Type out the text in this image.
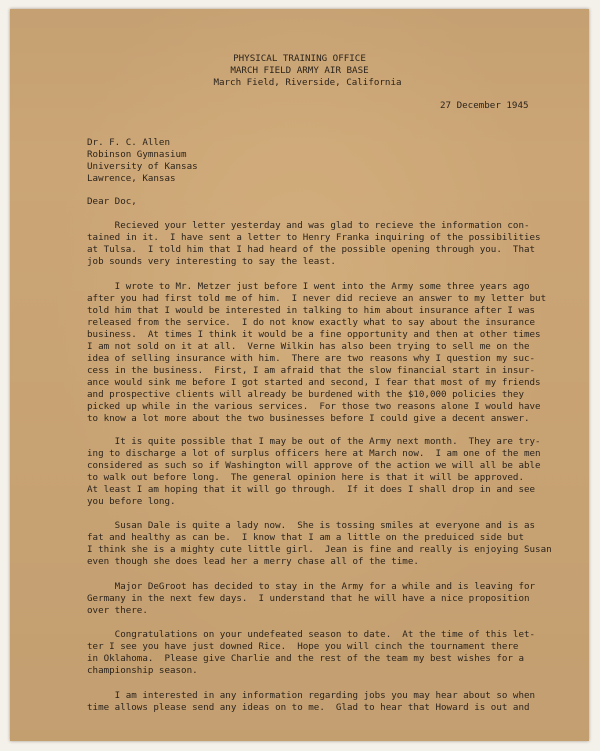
PHYSICAL TRAINING OFFICE
MARCH FIELD ARMY AIR BASE
March Field, Riverside, California
27 December 1945
Dr. F. C. Allen
Robinson Gymnasium
University of Kansas
Lawrence, Kansas
Dear Doc,
Recieved your letter yesterday and was glad to recieve the information con-
tained in it.  I have sent a letter to Henry Franka inquiring of the possibilities
at Tulsa.  I told him that I had heard of the possible opening through you.  That
job sounds very interesting to say the least.
I wrote to Mr. Metzer just before I went into the Army some three years ago
after you had first told me of him.  I never did recieve an answer to my letter but
told him that I would be interested in talking to him about insurance after I was
released from the service.  I do not know exactly what to say about the insurance
business.  At times I think it would be a fine opportunity and then at other times
I am not sold on it at all.  Verne Wilkin has also been trying to sell me on the
idea of selling insurance with him.  There are two reasons why I question my suc-
cess in the business.  First, I am afraid that the slow financial start in insur-
ance would sink me before I got started and second, I fear that most of my friends
and prospective clients will already be burdened with the $10,000 policies they
picked up while in the various services.  For those two reasons alone I would have
to know a lot more about the two businesses before I could give a decent answer.
It is quite possible that I may be out of the Army next month.  They are try-
ing to discharge a lot of surplus officers here at March now.  I am one of the men
considered as such so if Washington will approve of the action we will all be able
to walk out before long.  The general opinion here is that it will be approved.
At least I am hoping that it will go through.  If it does I shall drop in and see
you before long.
Susan Dale is quite a lady now.  She is tossing smiles at everyone and is as
fat and healthy as can be.  I know that I am a little on the preduiced side but
I think she is a mighty cute little girl.  Jean is fine and really is enjoying Susan
even though she does lead her a merry chase all of the time.
Major DeGroot has decided to stay in the Army for a while and is leaving for
Germany in the next few days.  I understand that he will have a nice proposition
over there.
Congratulations on your undefeated season to date.  At the time of this let-
ter I see you have just downed Rice.  Hope you will cinch the tournament there
in Oklahoma.  Please give Charlie and the rest of the team my best wishes for a
championship season.
I am interested in any information regarding jobs you may hear about so when
time allows please send any ideas on to me.  Glad to hear that Howard is out and
